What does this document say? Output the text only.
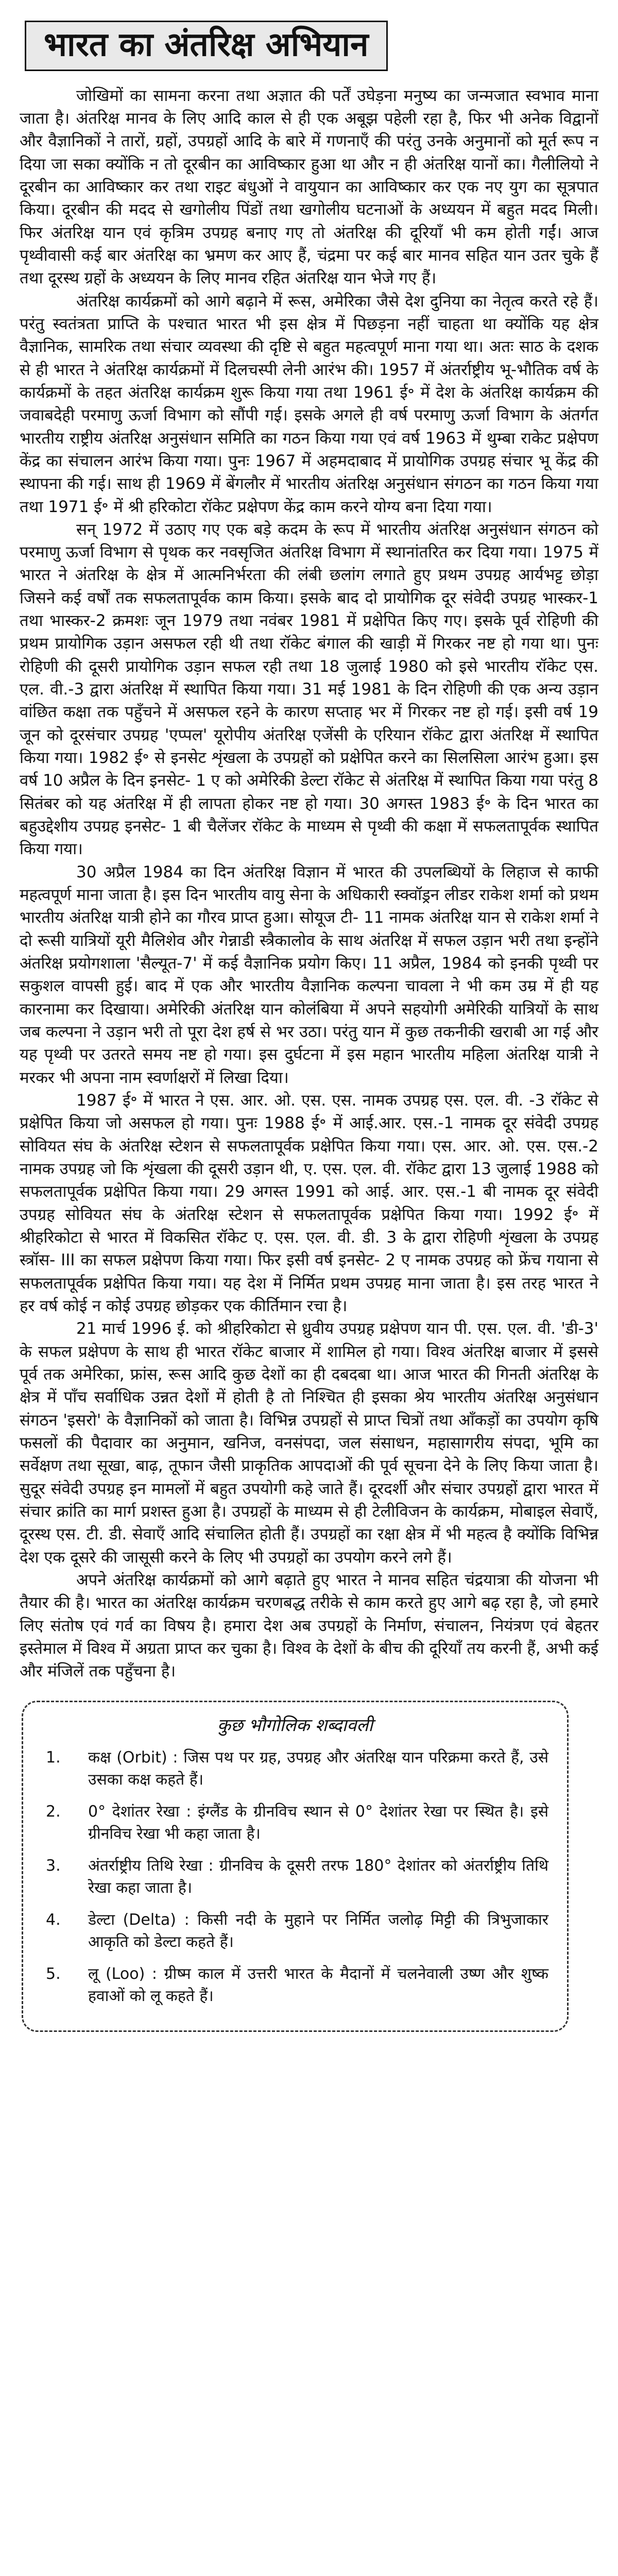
भारत का अंतरिक्ष अभियान

जोखिमों का सामना करना तथा अज्ञात की पर्तें उघेड़ना मनुष्य का जन्मजात स्वभाव माना जाता है। अंतरिक्ष मानव के लिए आदि काल से ही एक अबूझ पहेली रहा है, फिर भी अनेक विद्वानों और वैज्ञानिकों ने तारों, ग्रहों, उपग्रहों आदि के बारे में गणनाएँ की परंतु उनके अनुमानों को मूर्त रूप न दिया जा सका क्योंकि न तो दूरबीन का आविष्कार हुआ था और न ही अंतरिक्ष यानों का। गैलीलियो ने दूरबीन का आविष्कार कर तथा राइट बंधुओं ने वायुयान का आविष्कार कर एक नए युग का सूत्रपात किया। दूरबीन की मदद से खगोलीय पिंडों तथा खगोलीय घटनाओं के अध्ययन में बहुत मदद मिली। फिर अंतरिक्ष यान एवं कृत्रिम उपग्रह बनाए गए तो अंतरिक्ष की दूरियाँ भी कम होती गईं। आज पृथ्वीवासी कई बार अंतरिक्ष का भ्रमण कर आए हैं, चंद्रमा पर कई बार मानव सहित यान उतर चुके हैं तथा दूरस्थ ग्रहों के अध्ययन के लिए मानव रहित अंतरिक्ष यान भेजे गए हैं।

अंतरिक्ष कार्यक्रमों को आगे बढ़ाने में रूस, अमेरिका जैसे देश दुनिया का नेतृत्व करते रहे हैं। परंतु स्वतंत्रता प्राप्ति के पश्चात भारत भी इस क्षेत्र में पिछड़ना नहीं चाहता था क्योंकि यह क्षेत्र वैज्ञानिक, सामरिक तथा संचार व्यवस्था की दृष्टि से बहुत महत्वपूर्ण माना गया था। अतः साठ के दशक से ही भारत ने अंतरिक्ष कार्यक्रमों में दिलचस्पी लेनी आरंभ की। 1957 में अंतर्राष्ट्रीय भू-भौतिक वर्ष के कार्यक्रमों के तहत अंतरिक्ष कार्यक्रम शुरू किया गया तथा 1961 ई॰ में देश के अंतरिक्ष कार्यक्रम की जवाबदेही परमाणु ऊर्जा विभाग को सौंपी गई। इसके अगले ही वर्ष परमाणु ऊर्जा विभाग के अंतर्गत भारतीय राष्ट्रीय अंतरिक्ष अनुसंधान समिति का गठन किया गया एवं वर्ष 1963 में थुम्बा राकेट प्रक्षेपण केंद्र का संचालन आरंभ किया गया। पुनः 1967 में अहमदाबाद में प्रायोगिक उपग्रह संचार भू केंद्र की स्थापना की गई। साथ ही 1969 में बेंगलौर में भारतीय अंतरिक्ष अनुसंधान संगठन का गठन किया गया तथा 1971 ई॰ में श्री हरिकोटा रॉकेट प्रक्षेपण केंद्र काम करने योग्य बना दिया गया।

सन् 1972 में उठाए गए एक बड़े कदम के रूप में भारतीय अंतरिक्ष अनुसंधान संगठन को परमाणु ऊर्जा विभाग से पृथक कर नवसृजित अंतरिक्ष विभाग में स्थानांतरित कर दिया गया। 1975 में भारत ने अंतरिक्ष के क्षेत्र में आत्मनिर्भरता की लंबी छलांग लगाते हुए प्रथम उपग्रह आर्यभट्ट छोड़ा जिसने कई वर्षों तक सफलतापूर्वक काम किया। इसके बाद दो प्रायोगिक दूर संवेदी उपग्रह भास्कर-1 तथा भास्कर-2 क्रमशः जून 1979 तथा नवंबर 1981 में प्रक्षेपित किए गए। इसके पूर्व रोहिणी की प्रथम प्रायोगिक उड़ान असफल रही थी तथा रॉकेट बंगाल की खाड़ी में गिरकर नष्ट हो गया था। पुनः रोहिणी की दूसरी प्रायोगिक उड़ान सफल रही तथा 18 जुलाई 1980 को इसे भारतीय रॉकेट एस. एल. वी.-3 द्वारा अंतरिक्ष में स्थापित किया गया। 31 मई 1981 के दिन रोहिणी की एक अन्य उड़ान वांछित कक्षा तक पहुँचने में असफल रहने के कारण सप्ताह भर में गिरकर नष्ट हो गई। इसी वर्ष 19 जून को दूरसंचार उपग्रह 'एप्पल' यूरोपीय अंतरिक्ष एजेंसी के एरियान रॉकेट द्वारा अंतरिक्ष में स्थापित किया गया। 1982 ई॰ से इनसेट शृंखला के उपग्रहों को प्रक्षेपित करने का सिलसिला आरंभ हुआ। इस वर्ष 10 अप्रैल के दिन इनसेट- 1 ए को अमेरिकी डेल्टा रॉकेट से अंतरिक्ष में स्थापित किया गया परंतु 8 सितंबर को यह अंतरिक्ष में ही लापता होकर नष्ट हो गया। 30 अगस्त 1983 ई॰ के दिन भारत का बहुउद्देशीय उपग्रह इनसेट- 1 बी चैलेंजर रॉकेट के माध्यम से पृथ्वी की कक्षा में सफलतापूर्वक स्थापित किया गया।

30 अप्रैल 1984 का दिन अंतरिक्ष विज्ञान में भारत की उपलब्धियों के लिहाज से काफी महत्वपूर्ण माना जाता है। इस दिन भारतीय वायु सेना के अधिकारी स्क्वॉड्रन लीडर राकेश शर्मा को प्रथम भारतीय अंतरिक्ष यात्री होने का गौरव प्राप्त हुआ। सोयूज टी- 11 नामक अंतरिक्ष यान से राकेश शर्मा ने दो रूसी यात्रियों यूरी मैलिशेव और गेन्नाडी स्त्रैकालोव के साथ अंतरिक्ष में सफल उड़ान भरी तथा इन्होंने अंतरिक्ष प्रयोगशाला 'सैल्यूत-7' में कई वैज्ञानिक प्रयोग किए। 11 अप्रैल, 1984 को इनकी पृथ्वी पर सकुशल वापसी हुई। बाद में एक और भारतीय वैज्ञानिक कल्पना चावला ने भी कम उम्र में ही यह कारनामा कर दिखाया। अमेरिकी अंतरिक्ष यान कोलंबिया में अपने सहयोगी अमेरिकी यात्रियों के साथ जब कल्पना ने उड़ान भरी तो पूरा देश हर्ष से भर उठा। परंतु यान में कुछ तकनीकी खराबी आ गई और यह पृथ्वी पर उतरते समय नष्ट हो गया। इस दुर्घटना में इस महान भारतीय महिला अंतरिक्ष यात्री ने मरकर भी अपना नाम स्वर्णाक्षरों में लिखा दिया।

1987 ई॰ में भारत ने एस. आर. ओ. एस. एस. नामक उपग्रह एस. एल. वी. -3 रॉकेट से प्रक्षेपित किया जो असफल हो गया। पुनः 1988 ई॰ में आई.आर. एस.-1 नामक दूर संवेदी उपग्रह सोवियत संघ के अंतरिक्ष स्टेशन से सफलतापूर्वक प्रक्षेपित किया गया। एस. आर. ओ. एस. एस.-2 नामक उपग्रह जो कि शृंखला की दूसरी उड़ान थी, ए. एस. एल. वी. रॉकेट द्वारा 13 जुलाई 1988 को सफलतापूर्वक प्रक्षेपित किया गया। 29 अगस्त 1991 को आई. आर. एस.-1 बी नामक दूर संवेदी उपग्रह सोवियत संघ के अंतरिक्ष स्टेशन से सफलतापूर्वक प्रक्षेपित किया गया। 1992 ई॰ में श्रीहरिकोटा से भारत में विकसित रॉकेट ए. एस. एल. वी. डी. 3 के द्वारा रोहिणी शृंखला के उपग्रह स्त्रॉस- III का सफल प्रक्षेपण किया गया। फिर इसी वर्ष इनसेट- 2 ए नामक उपग्रह को फ्रेंच गयाना से सफलतापूर्वक प्रक्षेपित किया गया। यह देश में निर्मित प्रथम उपग्रह माना जाता है। इस तरह भारत ने हर वर्ष कोई न कोई उपग्रह छोड़कर एक कीर्तिमान रचा है।

21 मार्च 1996 ई. को श्रीहरिकोटा से ध्रुवीय उपग्रह प्रक्षेपण यान पी. एस. एल. वी. 'डी-3' के सफल प्रक्षेपण के साथ ही भारत रॉकेट बाजार में शामिल हो गया। विश्व अंतरिक्ष बाजार में इससे पूर्व तक अमेरिका, फ्रांस, रूस आदि कुछ देशों का ही दबदबा था। आज भारत की गिनती अंतरिक्ष के क्षेत्र में पाँच सर्वाधिक उन्नत देशों में होती है तो निश्चित ही इसका श्रेय भारतीय अंतरिक्ष अनुसंधान संगठन 'इसरो' के वैज्ञानिकों को जाता है। विभिन्न उपग्रहों से प्राप्त चित्रों तथा आँकड़ों का उपयोग कृषि फसलों की पैदावार का अनुमान, खनिज, वनसंपदा, जल संसाधन, महासागरीय संपदा, भूमि का सर्वेक्षण तथा सूखा, बाढ़, तूफान जैसी प्राकृतिक आपदाओं की पूर्व सूचना देने के लिए किया जाता है। सुदूर संवेदी उपग्रह इन मामलों में बहुत उपयोगी कहे जाते हैं। दूरदर्शी और संचार उपग्रहों द्वारा भारत में संचार क्रांति का मार्ग प्रशस्त हुआ है। उपग्रहों के माध्यम से ही टेलीविजन के कार्यक्रम, मोबाइल सेवाएँ, दूरस्थ एस. टी. डी. सेवाएँ आदि संचालित होती हैं। उपग्रहों का रक्षा क्षेत्र में भी महत्व है क्योंकि विभिन्न देश एक दूसरे की जासूसी करने के लिए भी उपग्रहों का उपयोग करने लगे हैं।

अपने अंतरिक्ष कार्यक्रमों को आगे बढ़ाते हुए भारत ने मानव सहित चंद्रयात्रा की योजना भी तैयार की है। भारत का अंतरिक्ष कार्यक्रम चरणबद्ध तरीके से काम करते हुए आगे बढ़ रहा है, जो हमारे लिए संतोष एवं गर्व का विषय है। हमारा देश अब उपग्रहों के निर्माण, संचालन, नियंत्रण एवं बेहतर इस्तेमाल में विश्व में अग्रता प्राप्त कर चुका है। विश्व के देशों के बीच की दूरियाँ तय करनी हैं, अभी कई और मंजिलें तक पहुँचना है।

कुछ भौगोलिक शब्दावली
1.	कक्ष (Orbit) : जिस पथ पर ग्रह, उपग्रह और अंतरिक्ष यान परिक्रमा करते हैं, उसे उसका कक्ष कहते हैं।
2.	0° देशांतर रेखा : इंग्लैंड के ग्रीनविच स्थान से 0° देशांतर रेखा पर स्थित है। इसे ग्रीनविच रेखा भी कहा जाता है।
3.	अंतर्राष्ट्रीय तिथि रेखा : ग्रीनविच के दूसरी तरफ 180° देशांतर को अंतर्राष्ट्रीय तिथि रेखा कहा जाता है।
4.	डेल्टा (Delta) : किसी नदी के मुहाने पर निर्मित जलोढ़ मिट्टी की त्रिभुजाकार आकृति को डेल्टा कहते हैं।
5.	लू (Loo) : ग्रीष्म काल में उत्तरी भारत के मैदानों में चलनेवाली उष्ण और शुष्क हवाओं को लू कहते हैं।
